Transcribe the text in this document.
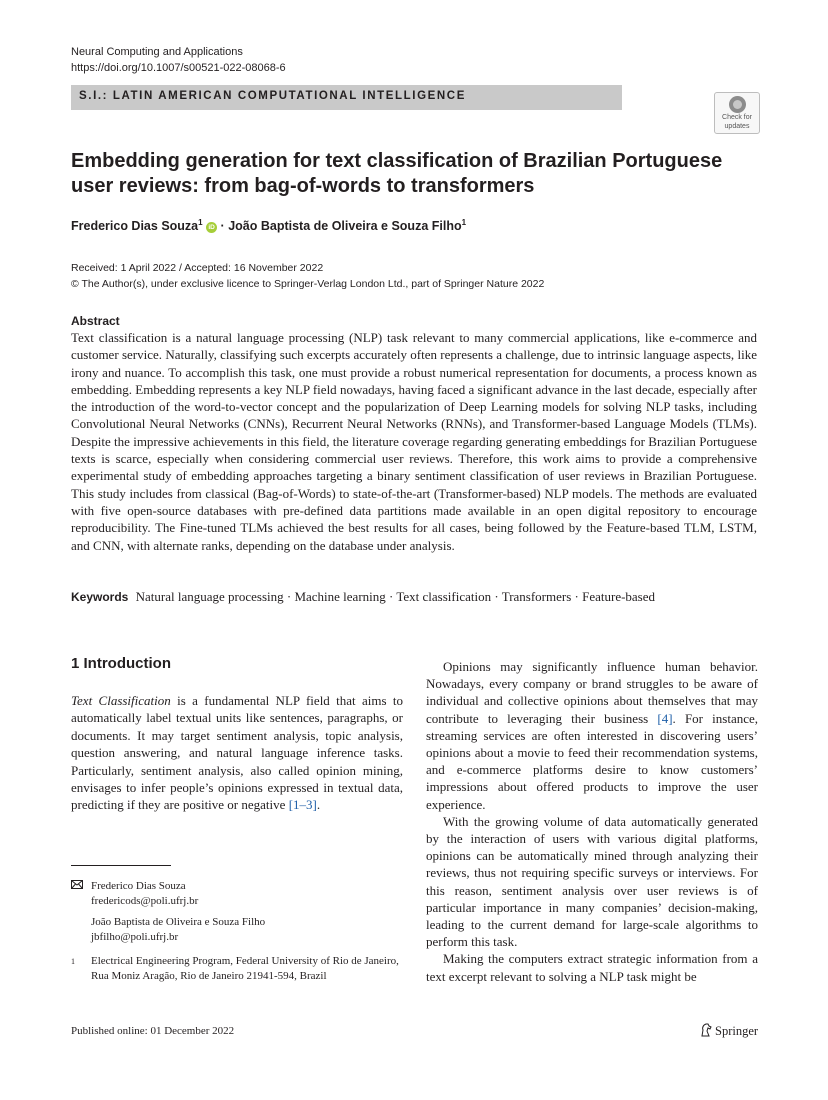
Neural Computing and Applications
https://doi.org/10.1007/s00521-022-08068-6
S.I.: LATIN AMERICAN COMPUTATIONAL INTELLIGENCE
Check for
updates
Embedding generation for text classification of Brazilian Portuguese user reviews: from bag-of-words to transformers
Frederico Dias Souza$^1$ iD · João Baptista de Oliveira e Souza Filho$^1$
Received: 1 April 2022 / Accepted: 16 November 2022
© The Author(s), under exclusive licence to Springer-Verlag London Ltd., part of Springer Nature 2022
Abstract
Text classification is a natural language processing (NLP) task relevant to many commercial applications, like e-commerce and customer service. Naturally, classifying such excerpts accurately often represents a challenge, due to intrinsic language aspects, like irony and nuance. To accomplish this task, one must provide a robust numerical representation for documents, a process known as embedding. Embedding represents a key NLP field nowadays, having faced a significant advance in the last decade, especially after the introduction of the word-to-vector concept and the popularization of Deep Learning models for solving NLP tasks, including Convolutional Neural Networks (CNNs), Recurrent Neural Networks (RNNs), and Transformer-based Language Models (TLMs). Despite the impressive achievements in this field, the literature coverage regarding generating embeddings for Brazilian Portuguese texts is scarce, especially when considering commercial user reviews. Therefore, this work aims to provide a comprehensive experimental study of embedding approaches targeting a binary sentiment classification of user reviews in Brazilian Portuguese. This study includes from classical (Bag-of-Words) to state-of-the-art (Transformer-based) NLP models. The methods are evaluated with five open-source databases with pre-defined data partitions made available in an open digital repository to encourage reproducibility. The Fine-tuned TLMs achieved the best results for all cases, being followed by the Feature-based TLM, LSTM, and CNN, with alternate ranks, depending on the database under analysis.
Keywords Natural language processing · Machine learning · Text classification · Transformers · Feature-based
1 Introduction

Text Classification is a fundamental NLP field that aims to automatically label textual units like sentences, paragraphs, or documents. It may target sentiment analysis, topic analysis, question answering, and natural language inference tasks. Particularly, sentiment analysis, also called opinion mining, envisages to infer people’s opinions expressed in textual data, predicting if they are positive or negative [1–3].

Opinions may significantly influence human behavior. Nowadays, every company or brand struggles to be aware of individual and collective opinions about themselves that may contribute to leveraging their business [4]. For instance, streaming services are often interested in discovering users’ opinions about a movie to feed their recommendation systems, and e-commerce platforms desire to know customers’ impressions about offered products to improve the user experience.

With the growing volume of data automatically generated by the interaction of users with various digital platforms, opinions can be automatically mined through analyzing their reviews, thus not requiring specific surveys or interviews. For this reason, sentiment analysis over user reviews is of particular importance in many companies’ decision-making, leading to the current demand for large-scale algorithms to perform this task.

Making the computers extract strategic information from a text excerpt relevant to solving a NLP task might be

Frederico Dias Souza
fredericods@poli.ufrj.br
João Baptista de Oliveira e Souza Filho
jbfilho@poli.ufrj.br
Electrical Engineering Program, Federal University of Rio de Janeiro, Rua Moniz Aragão, Rio de Janeiro 21941-594, Brazil
1
Published online: 01 December 2022	Springer
